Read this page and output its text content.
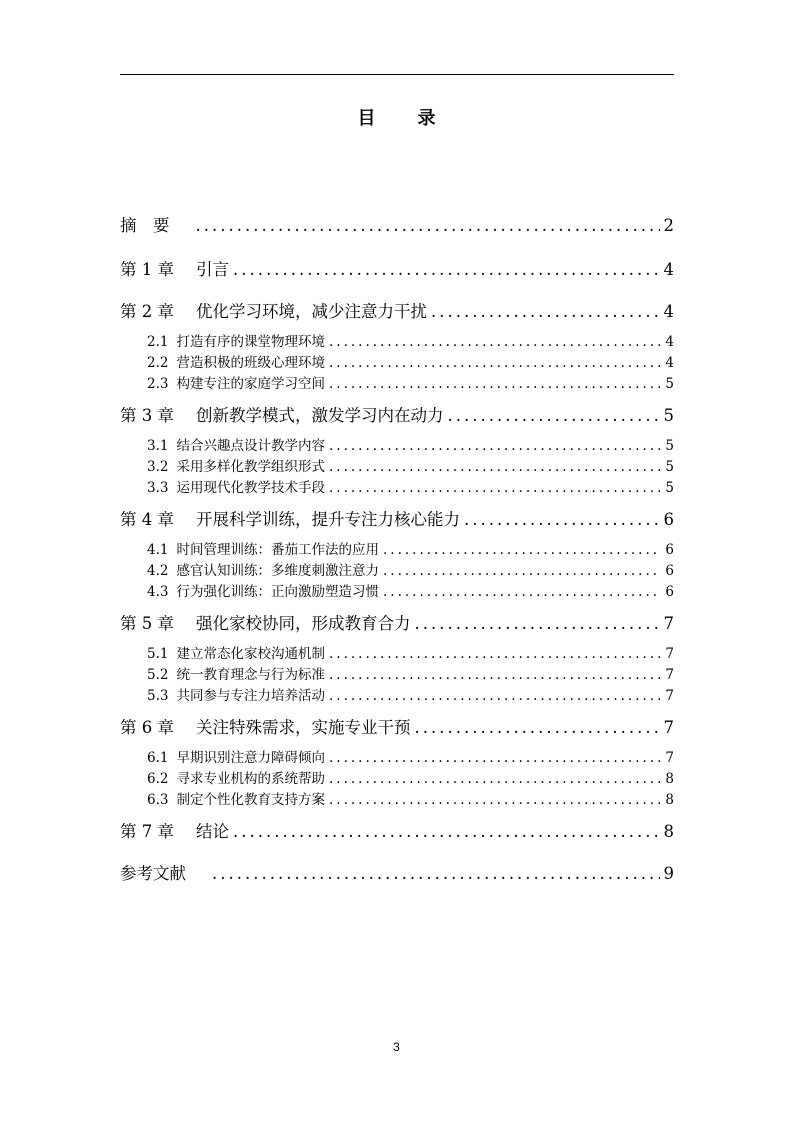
目　录
摘　要 .....	2
第 1 章 引言 .....	4
第 2 章 优化学习环境，减少注意力干扰 .....	4
2.1 打造有序的课堂物理环境 .....	4
2.2 营造积极的班级心理环境 .....	4
2.3 构建专注的家庭学习空间 .....	5
第 3 章 创新教学模式，激发学习内在动力 .....	5
3.1 结合兴趣点设计教学内容 .....	5
3.2 采用多样化教学组织形式 .....	5
3.3 运用现代化教学技术手段 .....	5
第 4 章 开展科学训练，提升专注力核心能力 .....	6
4.1 时间管理训练：番茄工作法的应用 .....	6
4.2 感官认知训练：多维度刺激注意力 .....	6
4.3 行为强化训练：正向激励塑造习惯 .....	6
第 5 章 强化家校协同，形成教育合力 .....	7
5.1 建立常态化家校沟通机制 .....	7
5.2 统一教育理念与行为标准 .....	7
5.3 共同参与专注力培养活动 .....	7
第 6 章 关注特殊需求，实施专业干预 .....	7
6.1 早期识别注意力障碍倾向 .....	7
6.2 寻求专业机构的系统帮助 .....	8
6.3 制定个性化教育支持方案 .....	8
第 7 章 结论 .....	8
参考文献 .....	9
3
